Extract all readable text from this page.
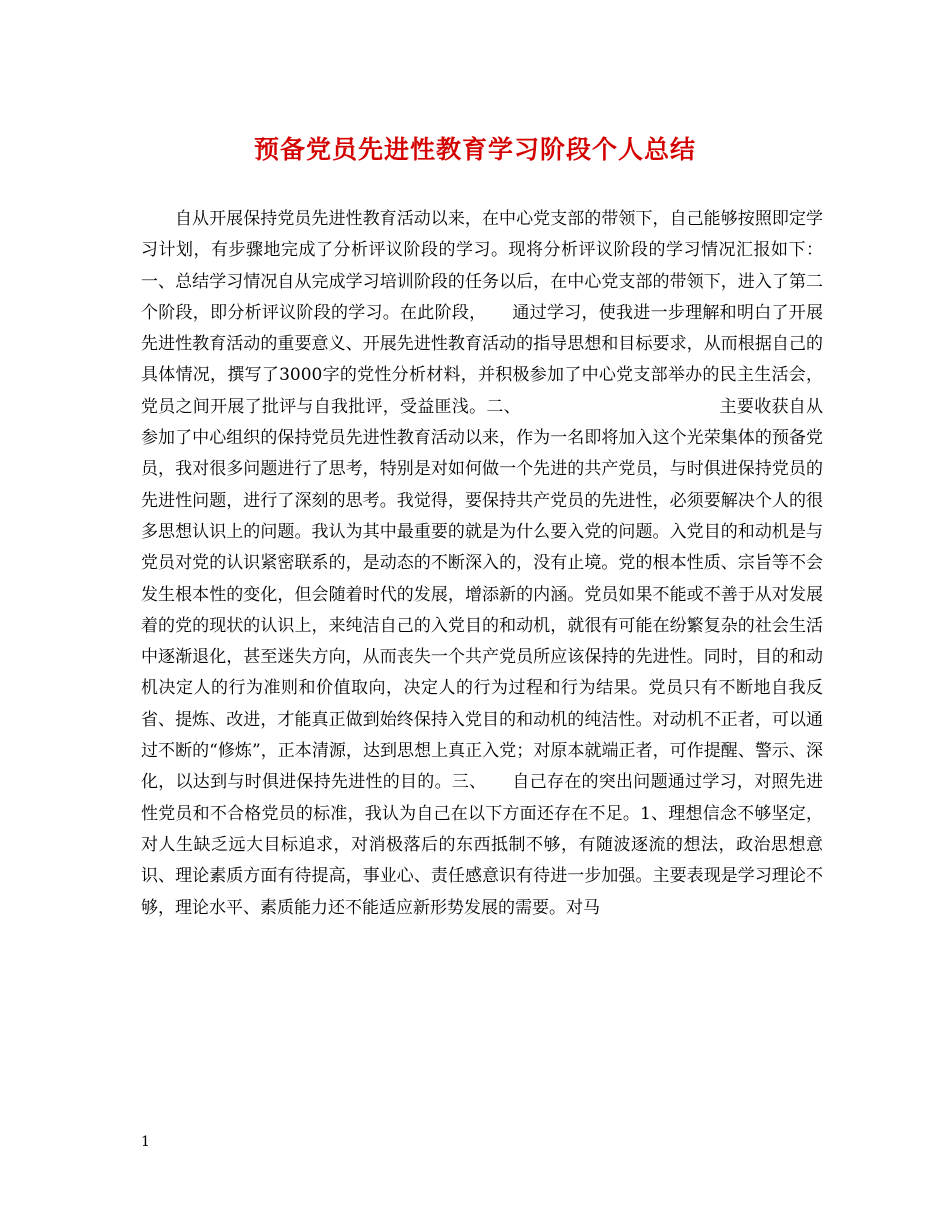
预备党员先进性教育学习阶段个人总结

自从开展保持党员先进性教育活动以来，在中心党支部的带领下，自己能够按照即定学习计划，有步骤地完成了分析评议阶段的学习。现将分析评议阶段的学习情况汇报如下：一、总结学习情况自从完成学习培训阶段的任务以后，在中心党支部的带领下，进入了第二个阶段，即分析评议阶段的学习。在此阶段，　　通过学习，使我进一步理解和明白了开展先进性教育活动的重要意义、开展先进性教育活动的指导思想和目标要求，从而根据自己的具体情况，撰写了3000字的党性分析材料，并积极参加了中心党支部举办的民主生活会，党员之间开展了批评与自我批评，受益匪浅。二、　　　　　　　　　　　　主要收获自从参加了中心组织的保持党员先进性教育活动以来，作为一名即将加入这个光荣集体的预备党员，我对很多问题进行了思考，特别是对如何做一个先进的共产党员，与时俱进保持党员的先进性问题，进行了深刻的思考。我觉得，要保持共产党员的先进性，必须要解决个人的很多思想认识上的问题。我认为其中最重要的就是为什么要入党的问题。入党目的和动机是与党员对党的认识紧密联系的，是动态的不断深入的，没有止境。党的根本性质、宗旨等不会发生根本性的变化，但会随着时代的发展，增添新的内涵。党员如果不能或不善于从对发展着的党的现状的认识上，来纯洁自己的入党目的和动机，就很有可能在纷繁复杂的社会生活中逐渐退化，甚至迷失方向，从而丧失一个共产党员所应该保持的先进性。同时，目的和动机决定人的行为准则和价值取向，决定人的行为过程和行为结果。党员只有不断地自我反省、提炼、改进，才能真正做到始终保持入党目的和动机的纯洁性。对动机不正者，可以通过不断的“修炼”，正本清源，达到思想上真正入党；对原本就端正者，可作提醒、警示、深化，以达到与时俱进保持先进性的目的。三、　　自己存在的突出问题通过学习，对照先进性党员和不合格党员的标准，我认为自己在以下方面还存在不足。1、理想信念不够坚定，对人生缺乏远大目标追求，对消极落后的东西抵制不够，有随波逐流的想法，政治思想意识、理论素质方面有待提高，事业心、责任感意识有待进一步加强。主要表现是学习理论不够，理论水平、素质能力还不能适应新形势发展的需要。对马

1
